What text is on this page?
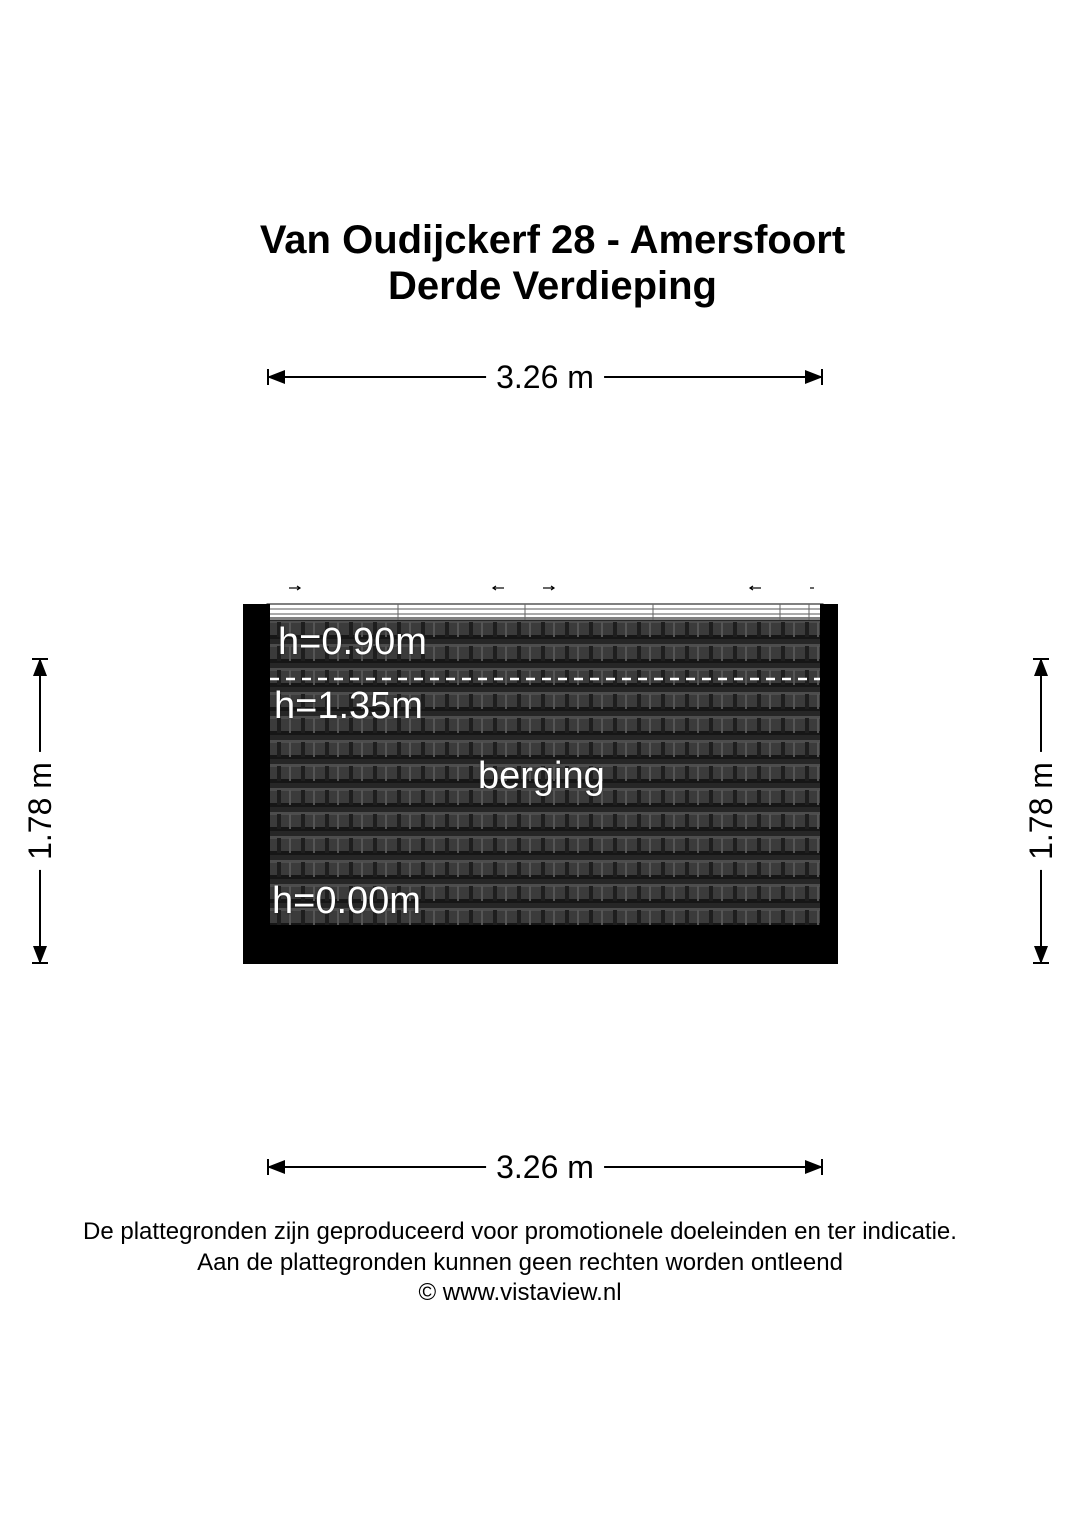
Van Oudijckerf 28 - Amersfoort
Derde Verdieping
3.26 m
1.78 m	1.78 m
h=0.90m
h=1.35m
berging
h=0.00m
3.26 m

De plattegronden zijn geproduceerd voor promotionele doeleinden en ter indicatie.

Aan de plattegronden kunnen geen rechten worden ontleend

© www.vistaview.nl
